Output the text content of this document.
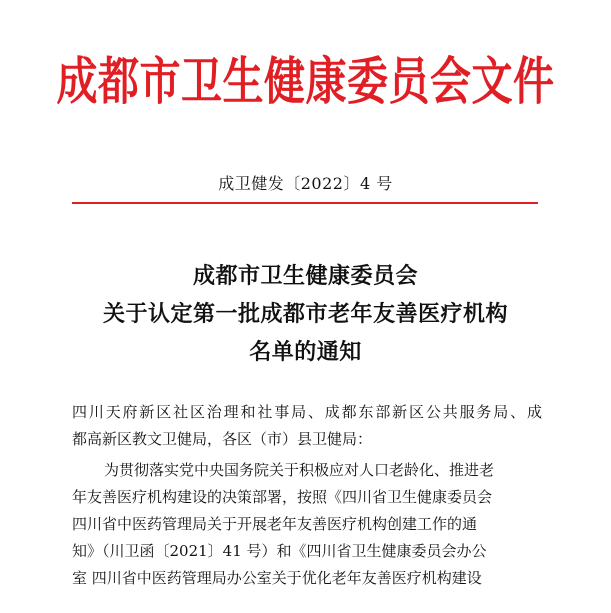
成都市卫生健康委员会文件
成卫健发〔2022〕4 号
成都市卫生健康委员会
关于认定第一批成都市老年友善医疗机构
名单的通知
四川天府新区社区治理和社事局、成都东部新区公共服务局、成
都高新区教文卫健局，各区（市）县卫健局：
为贯彻落实党中央国务院关于积极应对人口老龄化、推进老
年友善医疗机构建设的决策部署，按照《四川省卫生健康委员会
四川省中医药管理局关于开展老年友善医疗机构创建工作的通
知》（川卫函〔2021〕41 号）和《四川省卫生健康委员会办公
室 四川省中医药管理局办公室关于优化老年友善医疗机构建设
